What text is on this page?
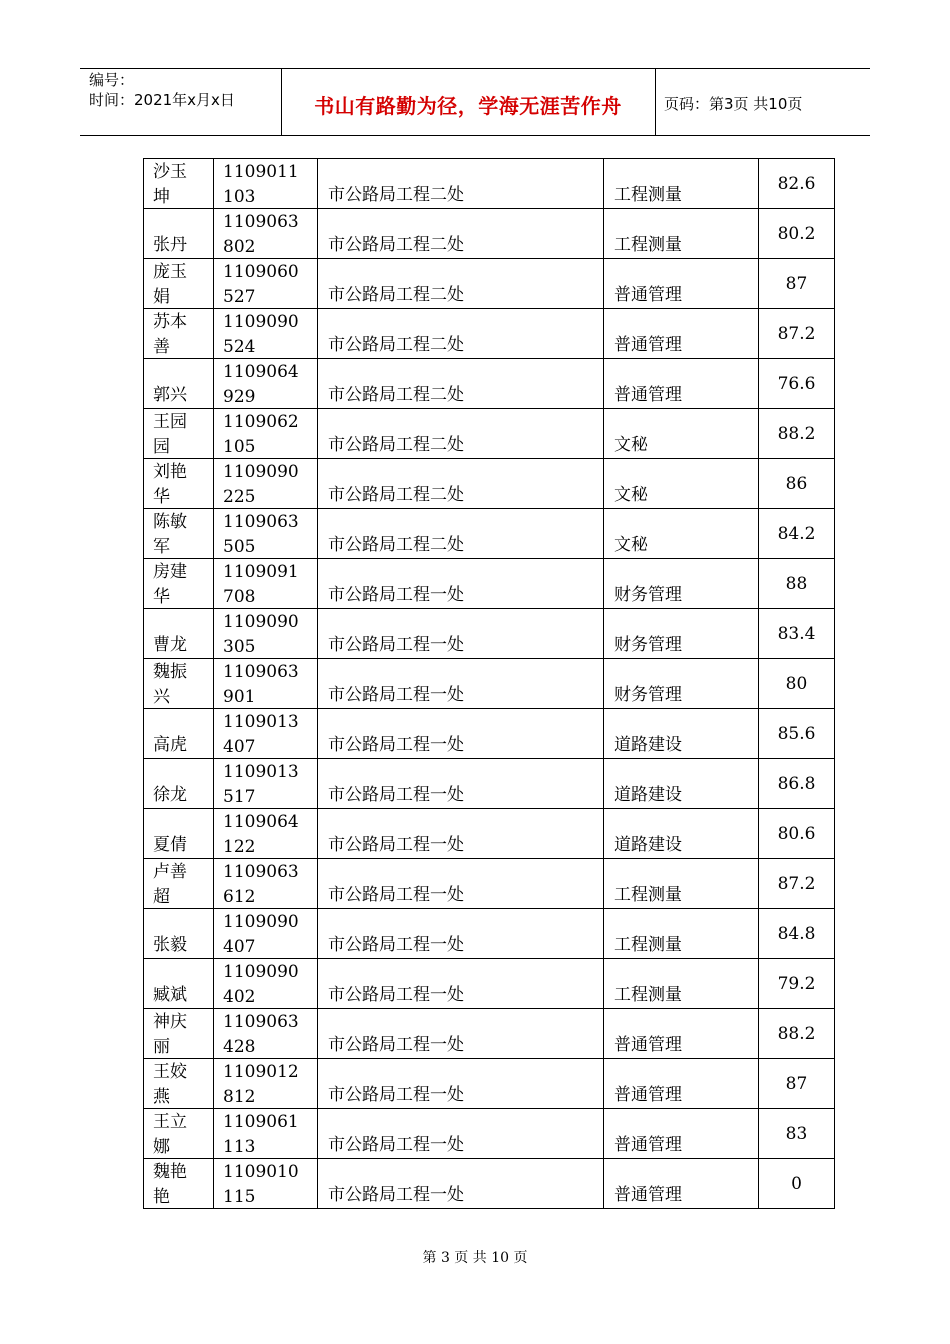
编号：
时间：2021年x月x日	书山有路勤为径，学海无涯苦作舟	页码：第3页 共10页
沙玉坤	1109011103	市公路局工程二处	工程测量	82.6

张丹	1109063802	市公路局工程二处	工程测量	80.2

庞玉娟	1109060527	市公路局工程二处	普通管理	87

苏本善	1109090524	市公路局工程二处	普通管理	87.2

郭兴	1109064929	市公路局工程二处	普通管理	76.6

王园园	1109062105	市公路局工程二处	文秘	88.2

刘艳华	1109090225	市公路局工程二处	文秘	86

陈敏军	1109063505	市公路局工程二处	文秘	84.2

房建华	1109091708	市公路局工程一处	财务管理	88

曹龙	1109090305	市公路局工程一处	财务管理	83.4

魏振兴	1109063901	市公路局工程一处	财务管理	80

高虎	1109013407	市公路局工程一处	道路建设	85.6

徐龙	1109013517	市公路局工程一处	道路建设	86.8

夏倩	1109064122	市公路局工程一处	道路建设	80.6

卢善超	1109063612	市公路局工程一处	工程测量	87.2

张毅	1109090407	市公路局工程一处	工程测量	84.8

臧斌	1109090402	市公路局工程一处	工程测量	79.2

神庆丽	1109063428	市公路局工程一处	普通管理	88.2

王姣燕	1109012812	市公路局工程一处	普通管理	87

王立娜	1109061113	市公路局工程一处	普通管理	83

魏艳艳	1109010115	市公路局工程一处	普通管理	0
第 3 页 共 10 页
